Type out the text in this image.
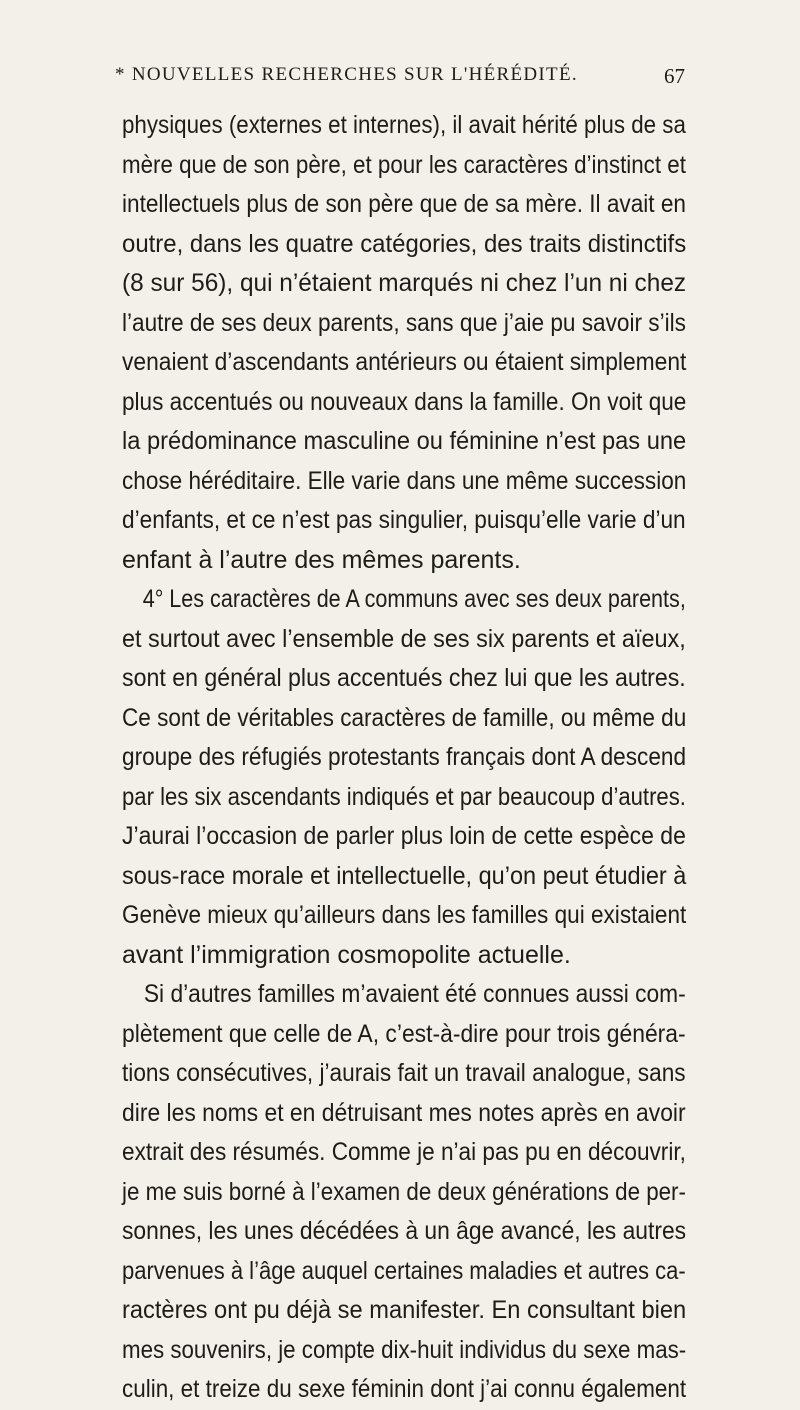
* NOUVELLES RECHERCHES SUR L'HÉRÉDITÉ.	67
physiques (externes et internes), il avait hérité plus de sa
mère que de son père, et pour les caractères d’instinct et
intellectuels plus de son père que de sa mère. Il avait en
outre, dans les quatre catégories, des traits distinctifs
(8 sur 56), qui n’étaient marqués ni chez l’un ni chez
l’autre de ses deux parents, sans que j’aie pu savoir s’ils
venaient d’ascendants antérieurs ou étaient simplement
plus accentués ou nouveaux dans la famille. On voit que
la prédominance masculine ou féminine n’est pas une
chose héréditaire. Elle varie dans une même succession
d’enfants, et ce n’est pas singulier, puisqu’elle varie d’un
enfant à l’autre des mêmes parents.
4° Les caractères de A communs avec ses deux parents,
et surtout avec l’ensemble de ses six parents et aïeux,
sont en général plus accentués chez lui que les autres.
Ce sont de véritables caractères de famille, ou même du
groupe des réfugiés protestants français dont A descend
par les six ascendants indiqués et par beaucoup d’autres.
J’aurai l’occasion de parler plus loin de cette espèce de
sous-race morale et intellectuelle, qu’on peut étudier à
Genève mieux qu’ailleurs dans les familles qui existaient
avant l’immigration cosmopolite actuelle.
Si d’autres familles m’avaient été connues aussi com-
plètement que celle de A, c’est-à-dire pour trois généra-
tions consécutives, j’aurais fait un travail analogue, sans
dire les noms et en détruisant mes notes après en avoir
extrait des résumés. Comme je n’ai pas pu en découvrir,
je me suis borné à l’examen de deux générations de per-
sonnes, les unes décédées à un âge avancé, les autres
parvenues à l’âge auquel certaines maladies et autres ca-
ractères ont pu déjà se manifester. En consultant bien
mes souvenirs, je compte dix-huit individus du sexe mas-
culin, et treize du sexe féminin dont j’ai connu également
